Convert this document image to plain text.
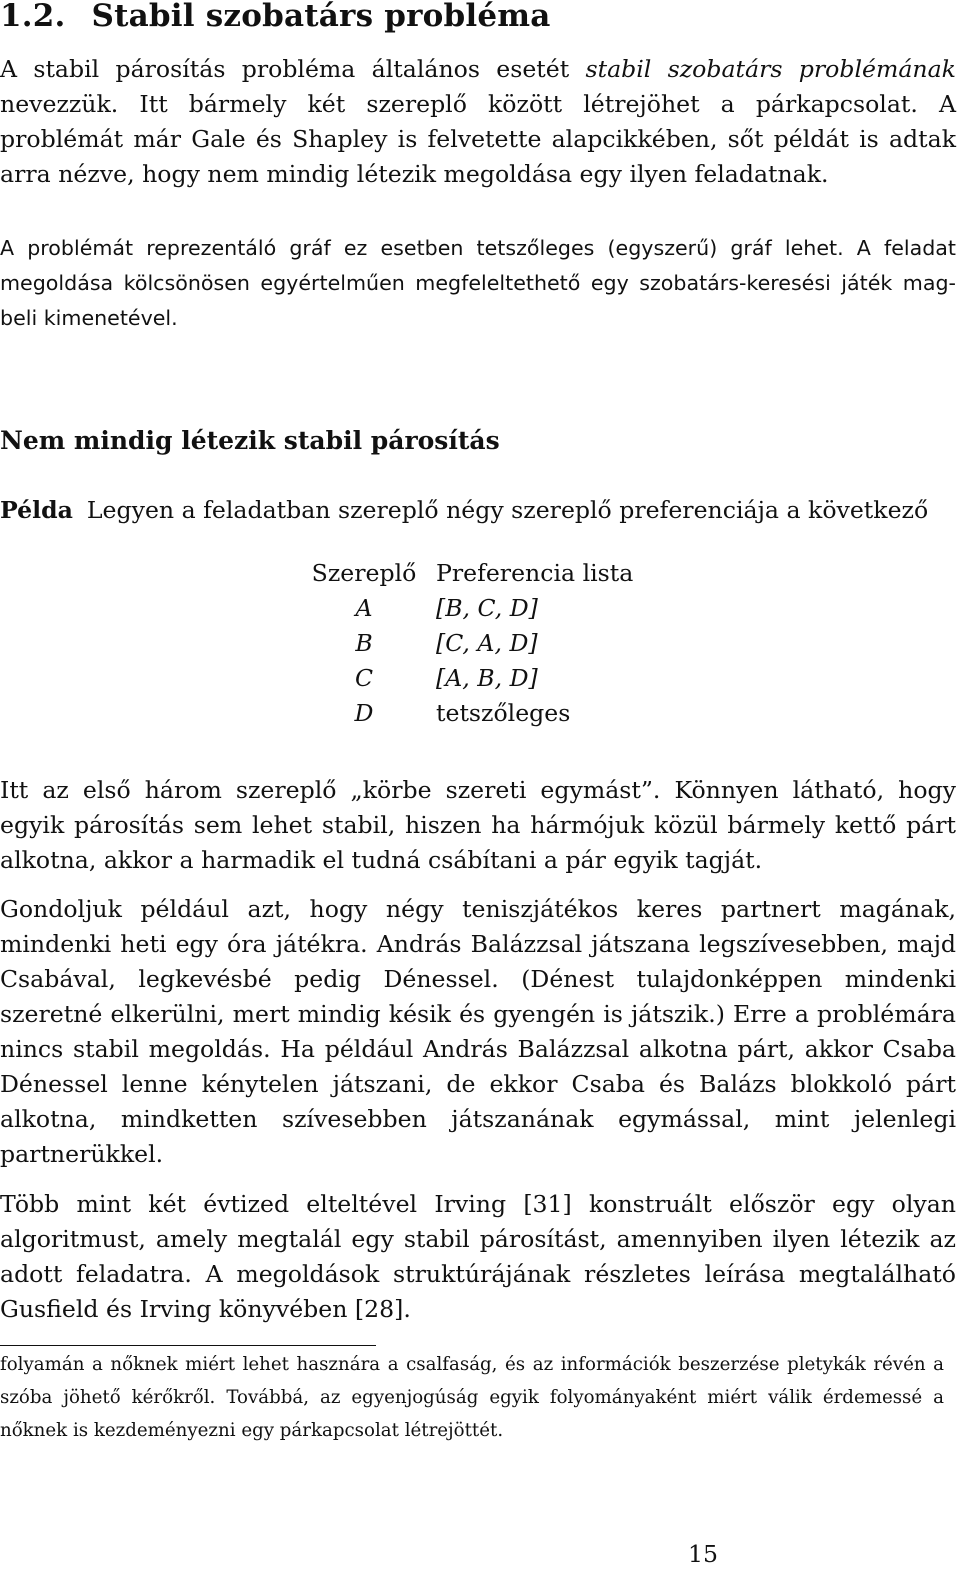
1.2. Stabil szobatárs probléma

A stabil párosítás probléma általános esetét stabil szobatárs problémának nevezzük. Itt bármely két szereplő között létrejöhet a párkapcsolat. A problémát már Gale és Shapley is felvetette alapcikkében, sőt példát is adtak arra nézve, hogy nem mindig létezik megoldása egy ilyen feladatnak.

A problémát reprezentáló gráf ez esetben tetszőleges (egyszerű) gráf lehet. A feladat megoldása kölcsönösen egyértelműen megfeleltethető egy szobatárs-keresési játék mag-beli kimenetével.

Nem mindig létezik stabil párosítás
Példa Legyen a feladatban szereplő négy szereplő preferenciája a következő
Szereplő	Preferencia lista
A	[B, C, D]
B	[C, A, D]
C	[A, B, D]
D	tetszőleges

Itt az első három szereplő „körbe szereti egymást”. Könnyen látható, hogy egyik párosítás sem lehet stabil, hiszen ha hármójuk közül bármely kettő párt alkotna, akkor a harmadik el tudná csábítani a pár egyik tagját.

Gondoljuk például azt, hogy négy teniszjátékos keres partnert magának, mindenki heti egy óra játékra. András Balázzsal játszana legszívesebben, majd Csabával, legkevésbé pedig Dénessel. (Dénest tulajdonképpen mindenki szeretné elkerülni, mert mindig késik és gyengén is játszik.) Erre a problémára nincs stabil megoldás. Ha például András Balázzsal alkotna párt, akkor Csaba Dénessel lenne kénytelen játszani, de ekkor Csaba és Balázs blokkoló párt alkotna, mindketten szívesebben játszanának egymással, mint jelenlegi partnerükkel.

Több mint két évtized elteltével Irving [31] konstruált először egy olyan algoritmust, amely megtalál egy stabil párosítást, amennyiben ilyen létezik az adott feladatra. A megoldások struktúrájának részletes leírása megtalálható Gusfield és Irving könyvében [28].

folyamán a nőknek miért lehet hasznára a csalfaság, és az információk beszerzése pletykák révén a szóba jöhető kérőkről. Továbbá, az egyenjogúság egyik folyományaként miért válik érdemessé a nőknek is kezdeményezni egy párkapcsolat létrejöttét.

15
